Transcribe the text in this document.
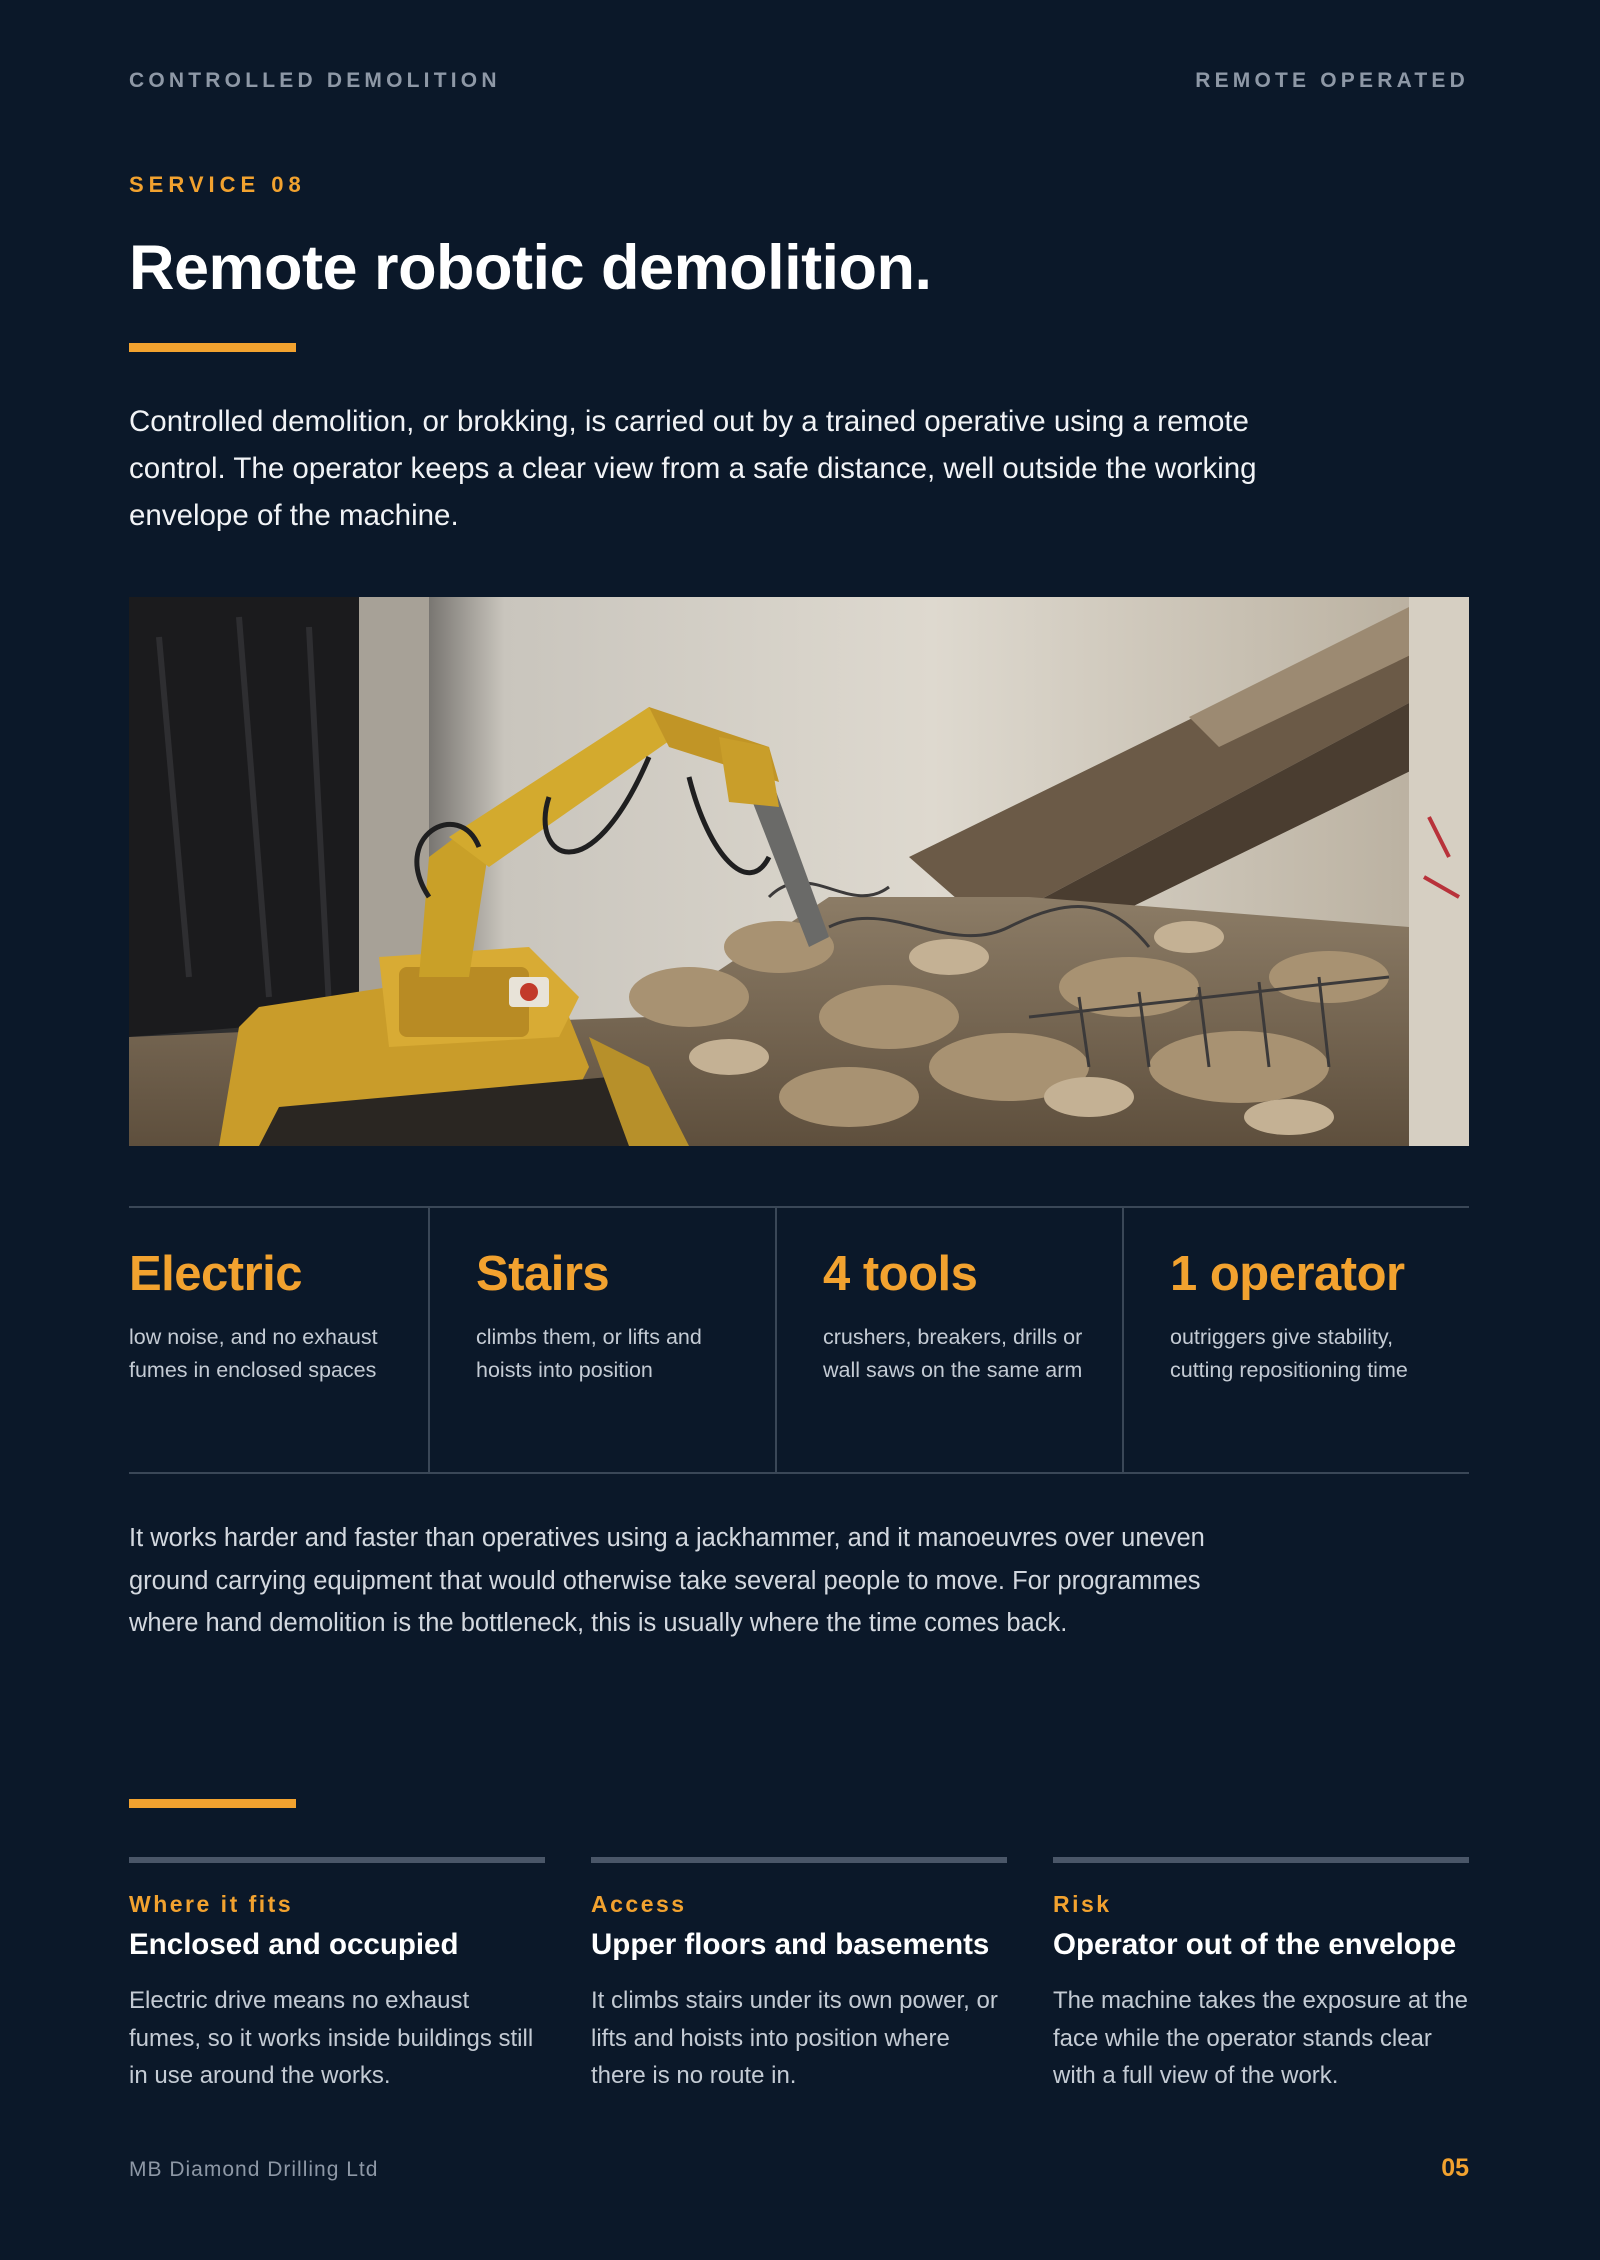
CONTROLLED DEMOLITION	REMOTE OPERATED
SERVICE 08
Remote robotic demolition.

Controlled demolition, or brokking, is carried out by a trained operative using a remote control. The operator keeps a clear view from a safe distance, well outside the working envelope of the machine.

Electric
low noise, and no exhaust fumes in enclosed spaces
Stairs
climbs them, or lifts and hoists into position
4 tools
crushers, breakers, drills or wall saws on the same arm
1 operator
outriggers give stability, cutting repositioning time

It works harder and faster than operatives using a jackhammer, and it manoeuvres over uneven ground carrying equipment that would otherwise take several people to move. For programmes where hand demolition is the bottleneck, this is usually where the time comes back.

Where it fits
Enclosed and occupied
Electric drive means no exhaust fumes, so it works inside buildings still in use around the works.
Access
Upper floors and basements
It climbs stairs under its own power, or lifts and hoists into position where there is no route in.
Risk
Operator out of the envelope
The machine takes the exposure at the face while the operator stands clear with a full view of the work.
MB Diamond Drilling Ltd	05
